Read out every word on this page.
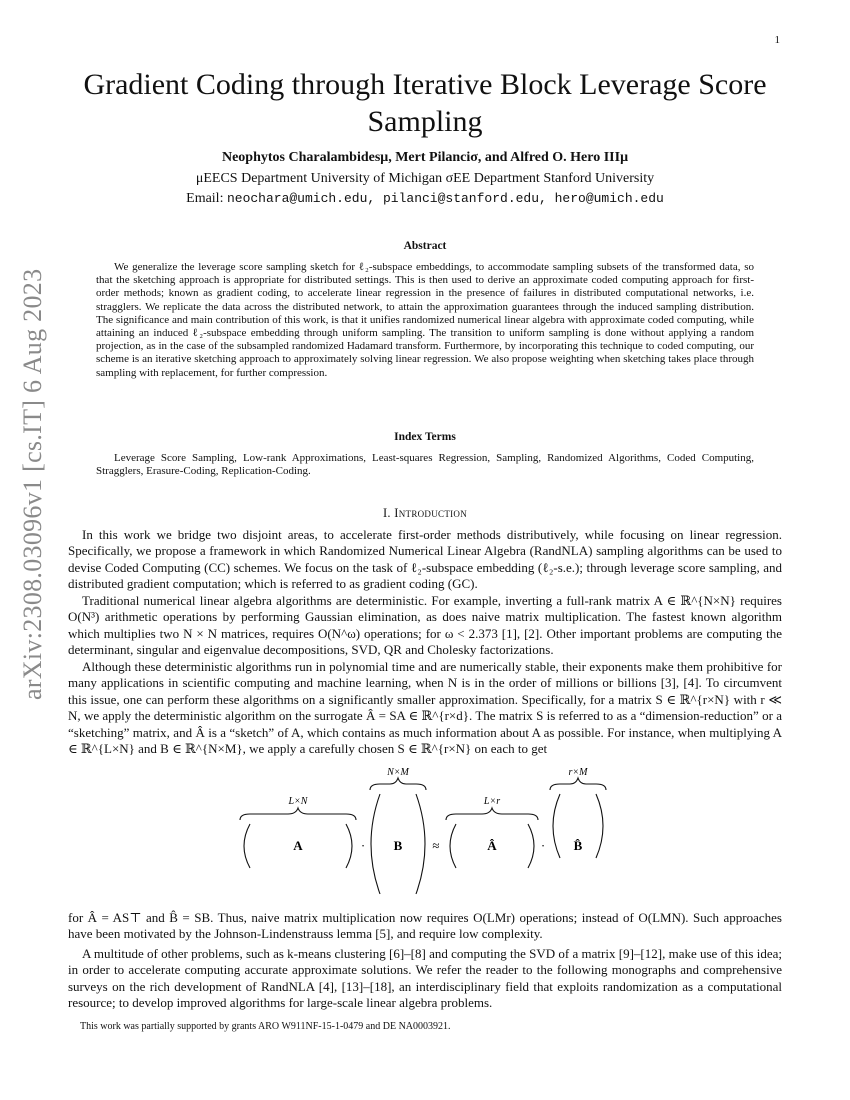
1
arXiv:2308.03096v1 [cs.IT] 6 Aug 2023
Gradient Coding through Iterative Block Leverage Score Sampling
Neophytos Charalambidesμ, Mert Pilanciσ, and Alfred O. Hero IIIμ
μEECS Department University of Michigan σEE Department Stanford University
Email: neochara@umich.edu, pilanci@stanford.edu, hero@umich.edu
Abstract

We generalize the leverage score sampling sketch for ℓ₂-subspace embeddings, to accommodate sampling subsets of the transformed data, so that the sketching approach is appropriate for distributed settings. This is then used to derive an approximate coded computing approach for first-order methods; known as gradient coding, to accelerate linear regression in the presence of failures in distributed computational networks, i.e. stragglers. We replicate the data across the distributed network, to attain the approximation guarantees through the induced sampling distribution. The significance and main contribution of this work, is that it unifies randomized numerical linear algebra with approximate coded computing, while attaining an induced ℓ₂-subspace embedding through uniform sampling. The transition to uniform sampling is done without applying a random projection, as in the case of the subsampled randomized Hadamard transform. Furthermore, by incorporating this technique to coded computing, our scheme is an iterative sketching approach to approximately solving linear regression. We also propose weighting when sketching takes place through sampling with replacement, for further compression.

Index Terms
Leverage Score Sampling, Low-rank Approximations, Least-squares Regression, Sampling, Randomized Algorithms, Coded Computing, Stragglers, Erasure-Coding, Replication-Coding.
I. Introduction

In this work we bridge two disjoint areas, to accelerate first-order methods distributively, while focusing on linear regression. Specifically, we propose a framework in which Randomized Numerical Linear Algebra (RandNLA) sampling algorithms can be used to devise Coded Computing (CC) schemes. We focus on the task of ℓ₂-subspace embedding (ℓ₂-s.e.); through leverage score sampling, and distributed gradient computation; which is referred to as gradient coding (GC).

Traditional numerical linear algebra algorithms are deterministic. For example, inverting a full-rank matrix A ∈ ℝ^{N×N} requires O(N³) arithmetic operations by performing Gaussian elimination, as does naive matrix multiplication. The fastest known algorithm which multiplies two N × N matrices, requires O(N^ω) operations; for ω < 2.373 [1], [2]. Other important problems are computing the determinant, singular and eigenvalue decompositions, SVD, QR and Cholesky factorizations.

Although these deterministic algorithms run in polynomial time and are numerically stable, their exponents make them prohibitive for many applications in scientific computing and machine learning, when N is in the order of millions or billions [3], [4]. To circumvent this issue, one can perform these algorithms on a significantly smaller approximation. Specifically, for a matrix S ∈ ℝ^{r×N} with r ≪ N, we apply the deterministic algorithm on the surrogate Â = SA ∈ ℝ^{r×d}. The matrix S is referred to as a “dimension-reduction” or a “sketching” matrix, and Â is a “sketch” of A, which contains as much information about A as possible. For instance, when multiplying A ∈ ℝ^{L×N} and B ∈ ℝ^{N×M}, we apply a carefully chosen S ∈ ℝ^{r×N} on each to get

L×N
N×M
L×r
r×M
A	B	Â	B̂
·	≈	·

for Â = AS⊤ and B̂ = SB. Thus, naive matrix multiplication now requires O(LMr) operations; instead of O(LMN). Such approaches have been motivated by the Johnson-Lindenstrauss lemma [5], and require low complexity.

A multitude of other problems, such as k-means clustering [6]–[8] and computing the SVD of a matrix [9]–[12], make use of this idea; in order to accelerate computing accurate approximate solutions. We refer the reader to the following monographs and comprehensive surveys on the rich development of RandNLA [4], [13]–[18], an interdisciplinary field that exploits randomization as a computational resource; to develop improved algorithms for large-scale linear algebra problems.

This work was partially supported by grants ARO W911NF-15-1-0479 and DE NA0003921.
